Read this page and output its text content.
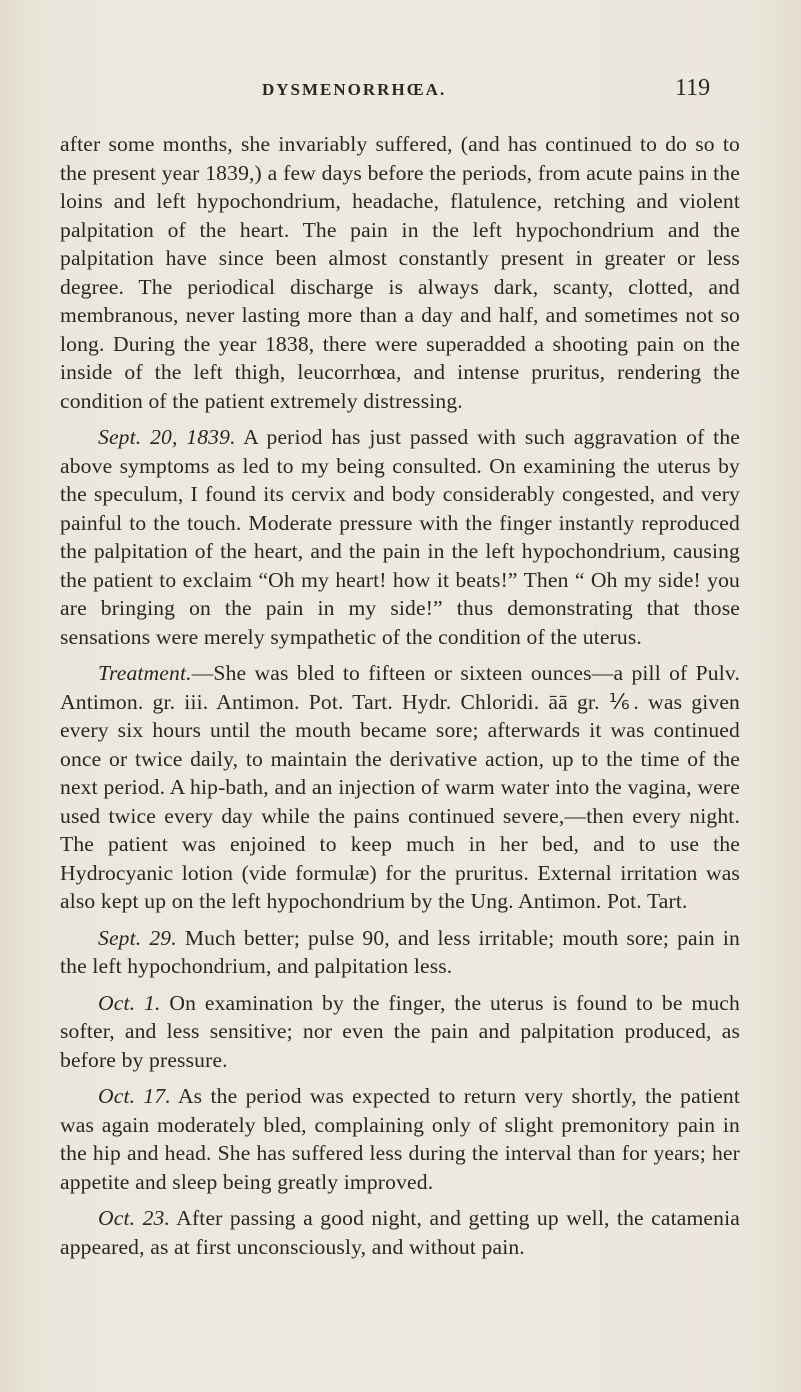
DYSMENORRHŒA.	119

after some months, she invariably suffered, (and has continued to do so to the present year 1839,) a few days before the periods, from acute pains in the loins and left hypochondrium, headache, flatulence, retching and violent palpitation of the heart. The pain in the left hypochondrium and the palpitation have since been almost constantly present in greater or less degree. The periodical discharge is always dark, scanty, clotted, and membranous, never lasting more than a day and half, and sometimes not so long. During the year 1838, there were superadded a shooting pain on the inside of the left thigh, leucorrhœa, and intense pruritus, rendering the condition of the patient extremely distressing.

Sept. 20, 1839. A period has just passed with such aggravation of the above symptoms as led to my being consulted. On examining the uterus by the speculum, I found its cervix and body considerably congested, and very painful to the touch. Moderate pressure with the finger instantly reproduced the palpitation of the heart, and the pain in the left hypochondrium, causing the patient to exclaim “Oh my heart! how it beats!” Then “ Oh my side! you are bringing on the pain in my side!” thus demonstrating that those sensations were merely sympathetic of the condition of the uterus.

Treatment.—She was bled to fifteen or sixteen ounces—a pill of Pulv. Antimon. gr. iii. Antimon. Pot. Tart. Hydr. Chloridi. āā gr. ⅙. was given every six hours until the mouth became sore; afterwards it was continued once or twice daily, to maintain the derivative action, up to the time of the next period. A hip-bath, and an injection of warm water into the vagina, were used twice every day while the pains continued severe,—then every night. The patient was enjoined to keep much in her bed, and to use the Hydrocyanic lotion (vide formulæ) for the pruritus. External irritation was also kept up on the left hypochondrium by the Ung. Antimon. Pot. Tart.

Sept. 29. Much better; pulse 90, and less irritable; mouth sore; pain in the left hypochondrium, and palpitation less.

Oct. 1. On examination by the finger, the uterus is found to be much softer, and less sensitive; nor even the pain and palpitation produced, as before by pressure.

Oct. 17. As the period was expected to return very shortly, the patient was again moderately bled, complaining only of slight premonitory pain in the hip and head. She has suffered less during the interval than for years; her appetite and sleep being greatly improved.

Oct. 23. After passing a good night, and getting up well, the catamenia appeared, as at first unconsciously, and without pain.
